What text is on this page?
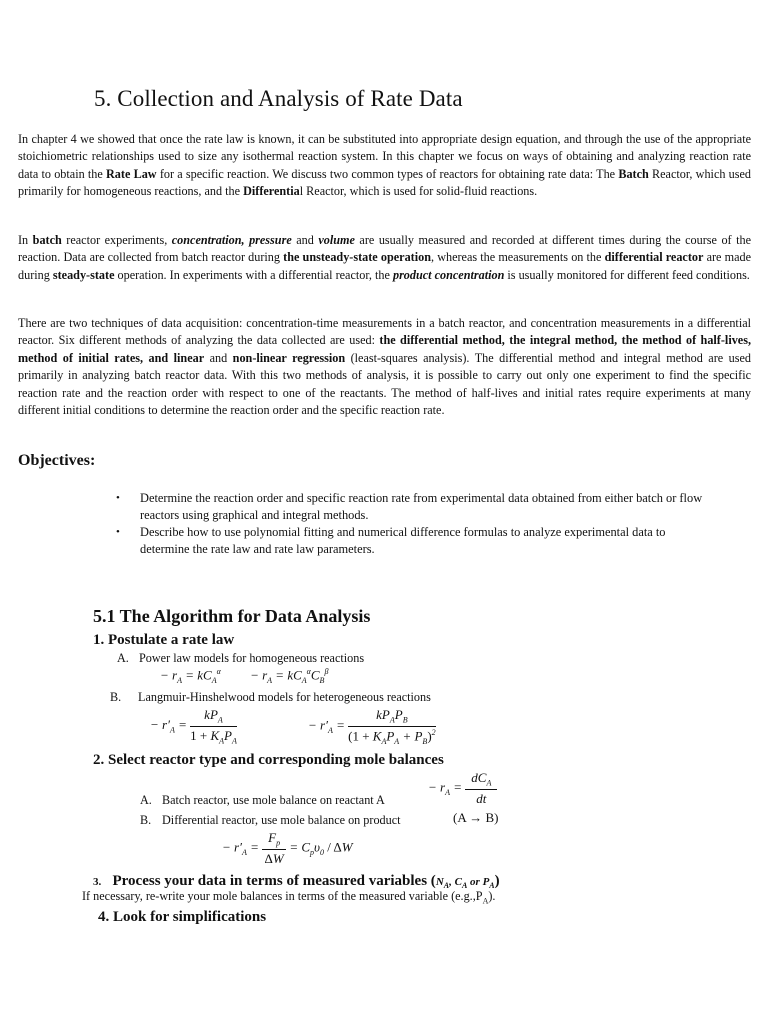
5. Collection and Analysis of Rate Data

In chapter 4 we showed that once the rate law is known, it can be substituted into appropriate design equation, and through the use of the appropriate stoichiometric relationships used to size any isothermal reaction system. In this chapter we focus on ways of obtaining and analyzing reaction rate data to obtain the Rate Law for a specific reaction. We discuss two common types of reactors for obtaining rate data: The Batch Reactor, which used primarily for homogeneous reactions, and the Differential Reactor, which is used for solid-fluid reactions.

In batch reactor experiments, concentration, pressure and volume are usually measured and recorded at different times during the course of the reaction. Data are collected from batch reactor during the unsteady-state operation, whereas the measurements on the differential reactor are made during steady-state operation. In experiments with a differential reactor, the product concentration is usually monitored for different feed conditions.

There are two techniques of data acquisition: concentration-time measurements in a batch reactor, and concentration measurements in a differential reactor. Six different methods of analyzing the data collected are used: the differential method, the integral method, the method of half-lives, method of initial rates, and linear and non-linear regression (least-squares analysis). The differential method and integral method are used primarily in analyzing batch reactor data. With this two methods of analysis, it is possible to carry out only one experiment to find the specific reaction rate and the reaction order with respect to one of the reactants. The method of half-lives and initial rates require experiments at many different initial conditions to determine the reaction order and the specific reaction rate.

Objectives:

• Determine the reaction order and specific reaction rate from experimental data obtained from either batch or flow reactors using graphical and integral methods.
• Describe how to use polynomial fitting and numerical difference formulas to analyze experimental data to determine the rate law and rate law parameters.
5.1 The Algorithm for Data Analysis

1. Postulate a rate law

A. Power law models for homogeneous reactions

− $r_A = kC_A^\alpha$         − $r_A = kC_A^\alpha C_B^\beta$

B. Langmuir-Hinshelwood models for heterogeneous reactions

− $r'_A = \frac{kP_A}{1 + K_AP_A}$	− $r'_A = \frac{kP_AP_B}{(1 + K_AP_A + P_B)^2}$

2. Select reactor type and corresponding mole balances

− $r_A = \frac{dC_A}{dt}$

A. Batch reactor, use mole balance on reactant A

B. Differential reactor, use mole balance on product	(A → B)
− $r'_A = \frac{F_p}{\Delta W} = C_p\upsilon_0 / \Delta W$

3. Process your data in terms of measured variables ($N_A$, $C_A$ or $P_A$)

If necessary, re-write your mole balances in terms of the measured variable $(e.g.,P_A)$.

4. Look for simplifications
